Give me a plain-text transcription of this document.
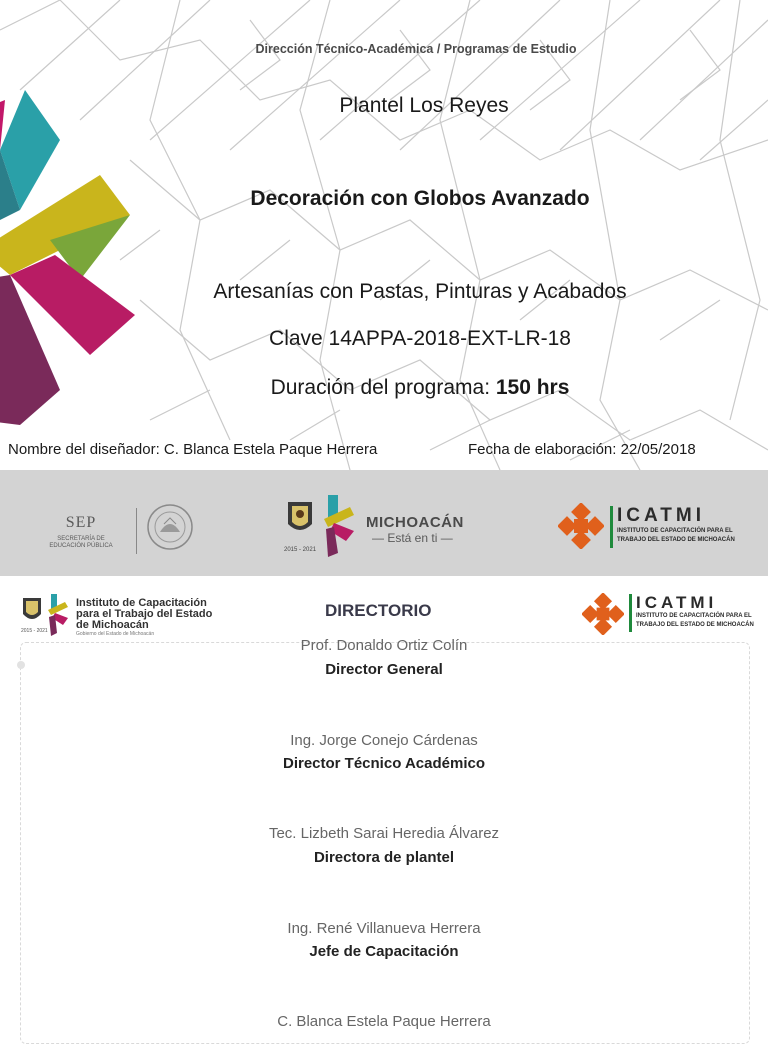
Dirección Técnico-Académica / Programas de Estudio
Plantel Los Reyes
Decoración con Globos Avanzado
Artesanías con Pastas, Pinturas y Acabados
Clave 14APPA-2018-EXT-LR-18
Duración del programa: 150 hrs
Nombre del diseñador: C. Blanca Estela Paque Herrera	Fecha de elaboración: 22/05/2018
SEP
SECRETARÍA DE
EDUCACIÓN PÚBLICA
2015 - 2021
MICHOACÁN
— Está en ti —
ICATMI
INSTITUTO DE CAPACITACIÓN PARA EL
TRABAJO DEL ESTADO DE MICHOACÁN
2015 - 2021
Instituto de Capacitación
para el Trabajo del Estado
de Michoacán
Gobierno del Estado de Michoacán
DIRECTORIO	ICATMI
INSTITUTO DE CAPACITACIÓN PARA EL
TRABAJO DEL ESTADO DE MICHOACÁN
Prof. Donaldo Ortiz Colín
Director General
Ing. Jorge Conejo Cárdenas
Director Técnico Académico
Tec. Lizbeth Sarai Heredia Álvarez
Directora de plantel
Ing. René Villanueva Herrera
Jefe de Capacitación
C. Blanca Estela Paque Herrera
